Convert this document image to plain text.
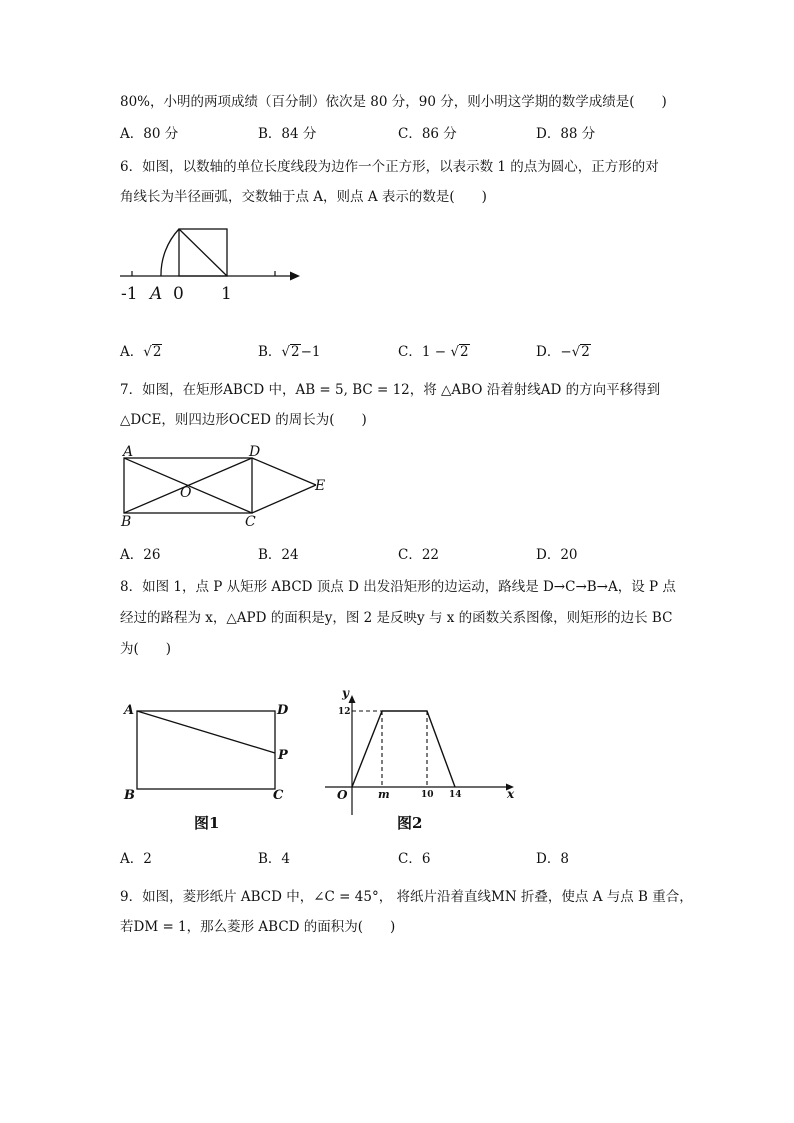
80%，小明的两项成绩（百分制）依次是 80 分，90 分，则小明这学期的数学成绩是(　　)
A．80 分	B．84 分	C．86 分	D．88 分
6．如图，以数轴的单位长度线段为边作一个正方形，以表示数 1 的点为圆心，正方形的对
角线长为半径画弧，交数轴于点 A，则点 A 表示的数是(　　)
-1 A 0 1
A．√2	B．√2−1	C．1 − √2	D．−√2
7．如图，在矩形ABCD 中，AB = 5, BC = 12，将 △ABO 沿着射线AD 的方向平移得到
△DCE，则四边形OCED 的周长为(　　)
A	D
O	E
B	C
A．26	B．24	C．22	D．20
8．如图 1，点 P 从矩形 ABCD 顶点 D 出发沿矩形的边运动，路线是 D→C→B→A，设 P 点
经过的路程为 x，△APD 的面积是y，图 2 是反映y 与 x 的函数关系图像，则矩形的边长 BC
为(　　)
A	D
P
B	C
图1
y
12
O	m	10 14	x
图2
A．2	B．4	C．6	D．8
9．如图，菱形纸片 ABCD 中，∠C = 45°， 将纸片沿着直线MN 折叠，使点 A 与点 B 重合，
若DM = 1，那么菱形 ABCD 的面积为(　　)
